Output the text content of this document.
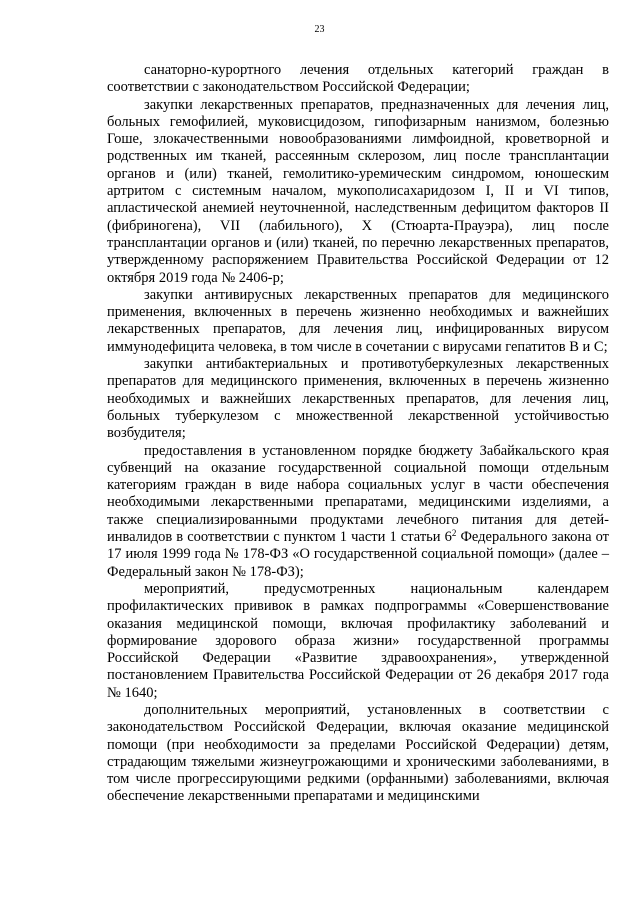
23

санаторно-курортного лечения отдельных категорий граждан в соответствии с законодательством Российской Федерации;

закупки лекарственных препаратов, предназначенных для лечения лиц, больных гемофилией, муковисцидозом, гипофизарным нанизмом, болезнью Гоше, злокачественными новообразованиями лимфоидной, кроветворной и родственных им тканей, рассеянным склерозом, лиц после трансплантации органов и (или) тканей, гемолитико-уремическим синдромом, юношеским артритом с системным началом, мукополисахаридозом I, II и VI типов, апластической анемией неуточненной, наследственным дефицитом факторов II (фибриногена), VII (лабильного), X (Стюарта-Прауэра), лиц после трансплантации органов и (или) тканей, по перечню лекарственных препаратов, утвержденному распоряжением Правительства Российской Федерации от 12 октября 2019 года № 2406-р;

закупки антивирусных лекарственных препаратов для медицинского применения, включенных в перечень жизненно необходимых и важнейших лекарственных препаратов, для лечения лиц, инфицированных вирусом иммунодефицита человека, в том числе в сочетании с вирусами гепатитов B и C;

закупки антибактериальных и противотуберкулезных лекарственных препаратов для медицинского применения, включенных в перечень жизненно необходимых и важнейших лекарственных препаратов, для лечения лиц, больных туберкулезом с множественной лекарственной устойчивостью возбудителя;

предоставления в установленном порядке бюджету Забайкальского края субвенций на оказание государственной социальной помощи отдельным категориям граждан в виде набора социальных услуг в части обеспечения необходимыми лекарственными препаратами, медицинскими изделиями, а также специализированными продуктами лечебного питания для детей-инвалидов в соответствии с пунктом 1 части 1 статьи $6^2$ Федерального закона от 17 июля 1999 года № 178-ФЗ «О государственной социальной помощи» (далее – Федеральный закон № 178-ФЗ);

мероприятий, предусмотренных национальным календарем профилактических прививок в рамках подпрограммы «Совершенствование оказания медицинской помощи, включая профилактику заболеваний и формирование здорового образа жизни» государственной программы Российской Федерации «Развитие здравоохранения», утвержденной постановлением Правительства Российской Федерации от 26 декабря 2017 года № 1640;

дополнительных мероприятий, установленных в соответствии с законодательством Российской Федерации, включая оказание медицинской помощи (при необходимости за пределами Российской Федерации) детям, страдающим тяжелыми жизнеугрожающими и хроническими заболеваниями, в том числе прогрессирующими редкими (орфанными) заболеваниями, включая обеспечение лекарственными препаратами и медицинскими
